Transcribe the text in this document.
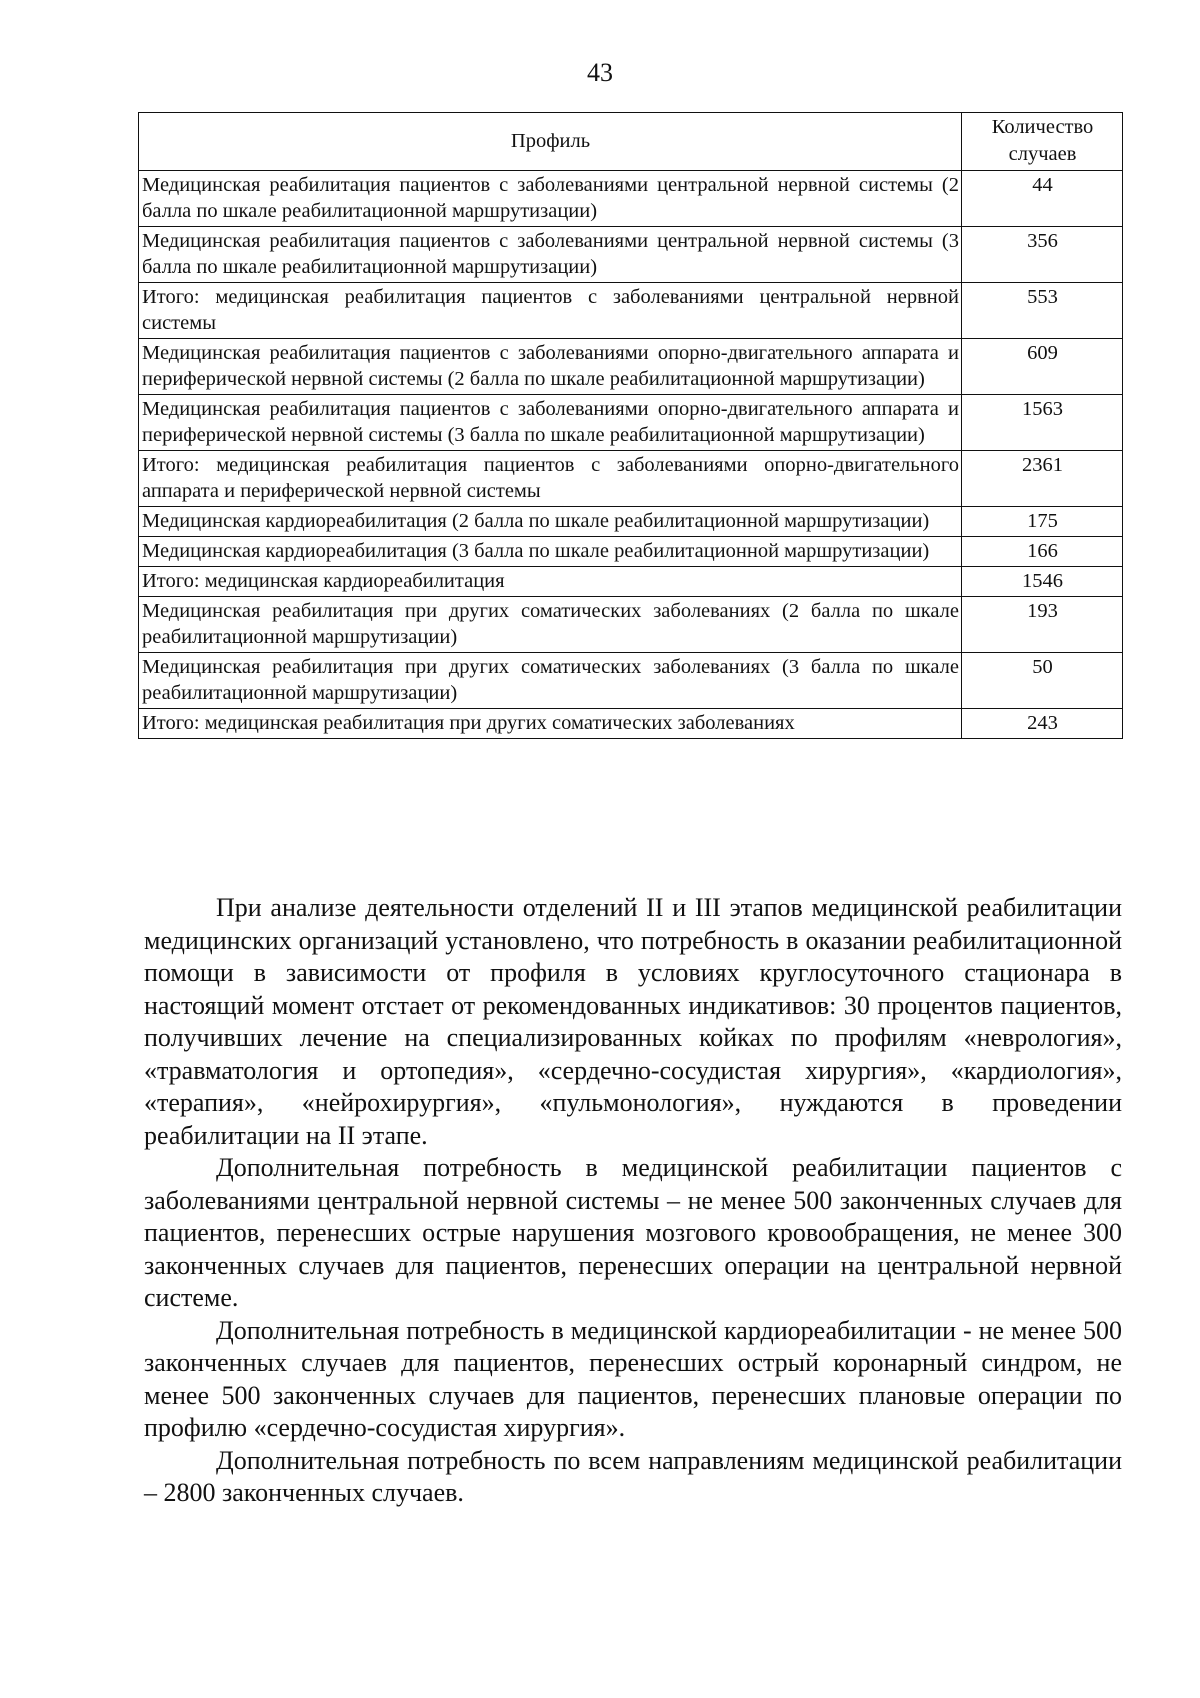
43
Профиль	Количество случаев
Медицинская реабилитация пациентов с заболеваниями центральной нервной системы (2 балла по шкале реабилитационной маршрутизации)	44
Медицинская реабилитация пациентов с заболеваниями центральной нервной системы (3 балла по шкале реабилитационной маршрутизации)	356
Итого: медицинская реабилитация пациентов с заболеваниями центральной нервной системы	553
Медицинская реабилитация пациентов с заболеваниями опорно-двигательного аппарата и периферической нервной системы (2 балла по шкале реабилитационной маршрутизации)	609
Медицинская реабилитация пациентов с заболеваниями опорно-двигательного аппарата и периферической нервной системы (3 балла по шкале реабилитационной маршрутизации)	1563
Итого: медицинская реабилитация пациентов с заболеваниями опорно-двигательного аппарата и периферической нервной системы	2361
Медицинская кардиореабилитация (2 балла по шкале реабилитационной маршрутизации)	175
Медицинская кардиореабилитация (3 балла по шкале реабилитационной маршрутизации)	166
Итого: медицинская кардиореабилитация	1546
Медицинская реабилитация при других соматических заболеваниях (2 балла по шкале реабилитационной маршрутизации)	193
Медицинская реабилитация при других соматических заболеваниях (3 балла по шкале реабилитационной маршрутизации)	50
Итого: медицинская реабилитация при других соматических заболеваниях	243

При анализе деятельности отделений II и III этапов медицинской реабилитации медицинских организаций установлено, что потребность в оказании реабилитационной помощи в зависимости от профиля в условиях круглосуточного стационара в настоящий момент отстает от рекомендованных индикативов: 30 процентов пациентов, получивших лечение на специализированных койках по профилям «неврология», «травматология и ортопедия», «сердечно-сосудистая хирургия», «кардиология», «терапия», «нейрохирургия», «пульмонология», нуждаются в проведении реабилитации на II этапе.

Дополнительная потребность в медицинской реабилитации пациентов с заболеваниями центральной нервной системы – не менее 500 законченных случаев для пациентов, перенесших острые нарушения мозгового кровообращения, не менее 300 законченных случаев для пациентов, перенесших операции на центральной нервной системе.

Дополнительная потребность в медицинской кардиореабилитации - не менее 500 законченных случаев для пациентов, перенесших острый коронарный синдром, не менее 500 законченных случаев для пациентов, перенесших плановые операции по профилю «сердечно-сосудистая хирургия».

Дополнительная потребность по всем направлениям медицинской реабилитации – 2800 законченных случаев.
